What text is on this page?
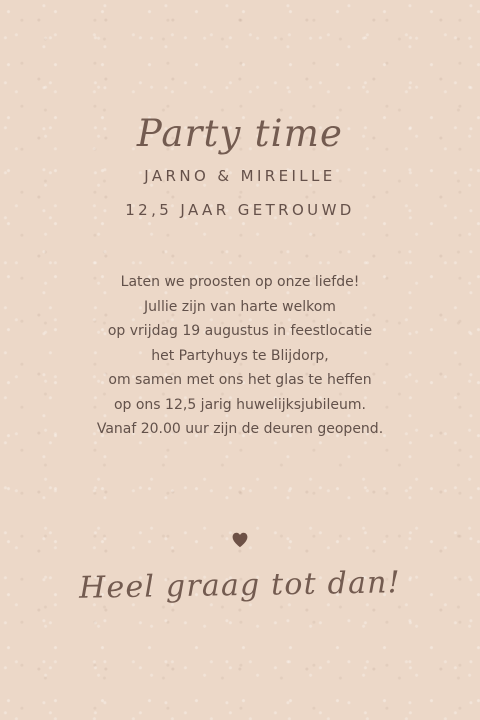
Party time
JARNO & MIREILLE
12,5 JAAR GETROUWD
Laten we proosten op onze liefde!
Jullie zijn van harte welkom
op vrijdag 19 augustus in feestlocatie
het Partyhuys te Blijdorp,
om samen met ons het glas te heffen
op ons 12,5 jarig huwelijksjubileum.
Vanaf 20.00 uur zijn de deuren geopend.
Heel graag tot dan!
